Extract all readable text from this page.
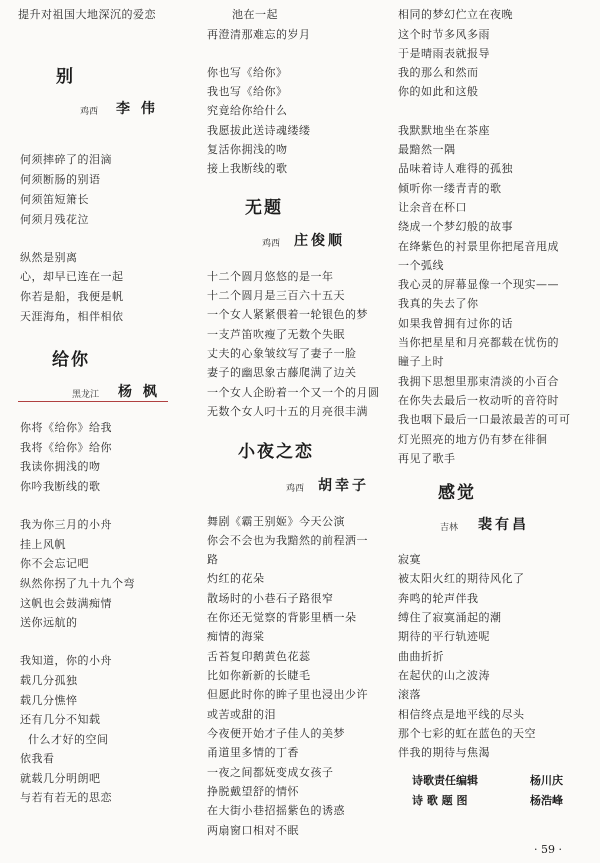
提升对祖国大地深沉的爱恋
别
鸡西 李 伟
何须摔碎了的泪滴
何须断肠的别语
何须笛短箫长
何须月残花泣
纵然是别离
心，却早已连在一起
你若是船，我便是帆
天涯海角，相伴相依
给你
黑龙江 杨 枫
你将《给你》给我
我将《给你》给你
我读你拥浅的吻
你吟我断线的歌
我为你三月的小舟
挂上风帆
你不会忘记吧
纵然你拐了九十九个弯
这帆也会鼓满痴情
送你远航的
我知道，你的小舟
载几分孤独
载几分憔悴
还有几分不知载
什么才好的空间
依我看
就载几分明朗吧
与若有若无的思恋
池在一起
再澄清那难忘的岁月
你也写《给你》
我也写《给你》
究竟给你给什么
我愿拔此送诗魂缕缕
复活你拥浅的吻
接上我断线的歌
无题
鸡西 庄俊顺
十二个圆月悠悠的是一年
十二个圆月是三百六十五天
一个女人紧紧偎着一轮银色的梦
一支芦笛吹瘦了无数个失眠
丈夫的心象皱纹写了妻子一脸
妻子的幽思象古藤爬满了边关
一个女人企盼着一个又一个的月圆
无数个女人叼十五的月亮很丰满
小夜之恋
鸡西 胡幸子
舞剧《霸王别姬》今天公演
你会不会也为我黯然的前程洒一
路
灼红的花朵
散场时的小巷石子路很窄
在你还无觉察的背影里栖一朵
痴情的海棠
舌苔复印鹅黄色花蕊
比如你新新的长睫毛
但愿此时你的眸子里也浸出少许
或苦或甜的泪
今夜便开始才子佳人的美梦
甬道里多情的丁香
一夜之间都妩变成女孩子
挣脱戴望舒的情怀
在大街小巷招摇紫色的诱惑
两扇窗口相对不眠
相同的梦幻伫立在夜晚
这个时节多风多雨
于是晴雨表就报导
我的那么和然而
你的如此和这般
我默默地坐在茶座
最黯然一隅
品味着诗人难得的孤独
倾听你一缕青青的歌
让余音在杯口
绕成一个梦幻般的故事
在绛紫色的衬景里你把尾音甩成
一个弧线
我心灵的屏幕显像一个现实——
我真的失去了你
如果我曾拥有过你的话
当你把星星和月亮都载在忧伤的
瞳子上时
我拥下思想里那束清淡的小百合
在你失去最后一枚动听的音符时
我也咽下最后一口最浓最苦的可可
灯光照亮的地方仍有梦在徘徊
再见了歌手
感觉
吉林 裴有昌
寂寞
被太阳火红的期待风化了
奔鸣的轮声伴我
缚住了寂寞涌起的潮
期待的平行轨迹呢
曲曲折折
在起伏的山之波涛
滚落
相信终点是地平线的尽头
那个七彩的虹在蓝色的天空
伴我的期待与焦渴
诗歌责任编辑	杨川庆
诗 歌 题 图	杨浩峰
· 59 ·
